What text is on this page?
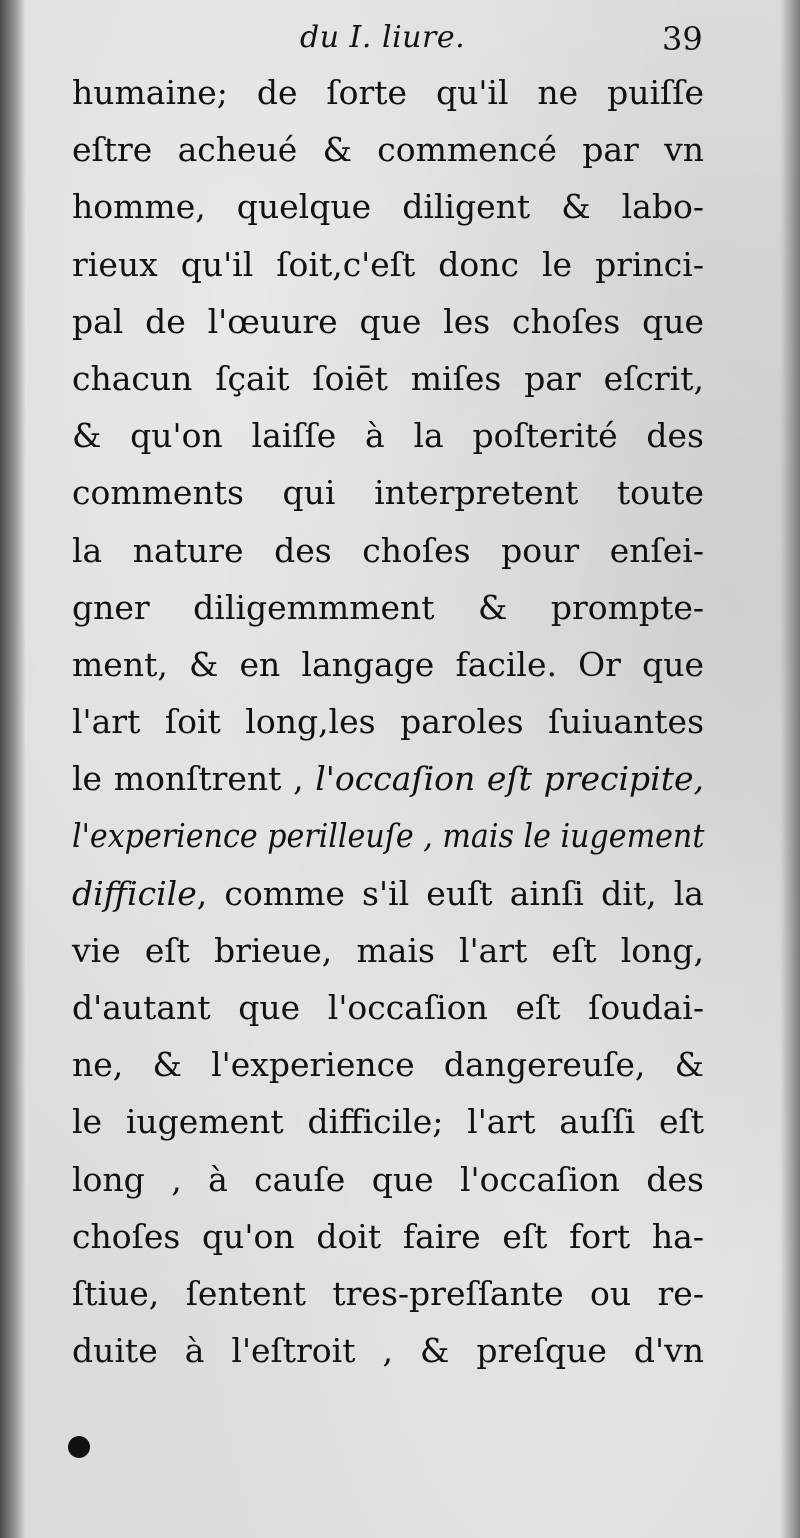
du I. liure.	39
humaine; de ſorte qu'il ne puiſſe
eſtre acheué & commencé par vn
homme, quelque diligent & labo-
rieux qu'il ſoit,c'eſt donc le princi-
pal de l'œuure que les choſes que
chacun ſçait ſoiēt miſes par eſcrit,
& qu'on laiſſe à la poſterité des
comments qui interpretent toute
la nature des choſes pour enſei-
gner diligemmment & prompte-
ment, & en langage facile. Or que
l'art ſoit long,les paroles ſuiuantes
le monſtrent , l'occaſion eſt precipite,
l'experience perilleuſe , mais le iugement
difficile, comme s'il euſt ainſi dit, la
vie eſt brieue, mais l'art eſt long,
d'autant que l'occaſion eſt ſoudai-
ne, & l'experience dangereuſe, &
le iugement difficile; l'art auſſi eſt
long , à cauſe que l'occaſion des
choſes qu'on doit faire eſt fort ha-
ſtiue, ſentent tres-preſſante ou re-
duite à l'eſtroit , & preſque d'vn
